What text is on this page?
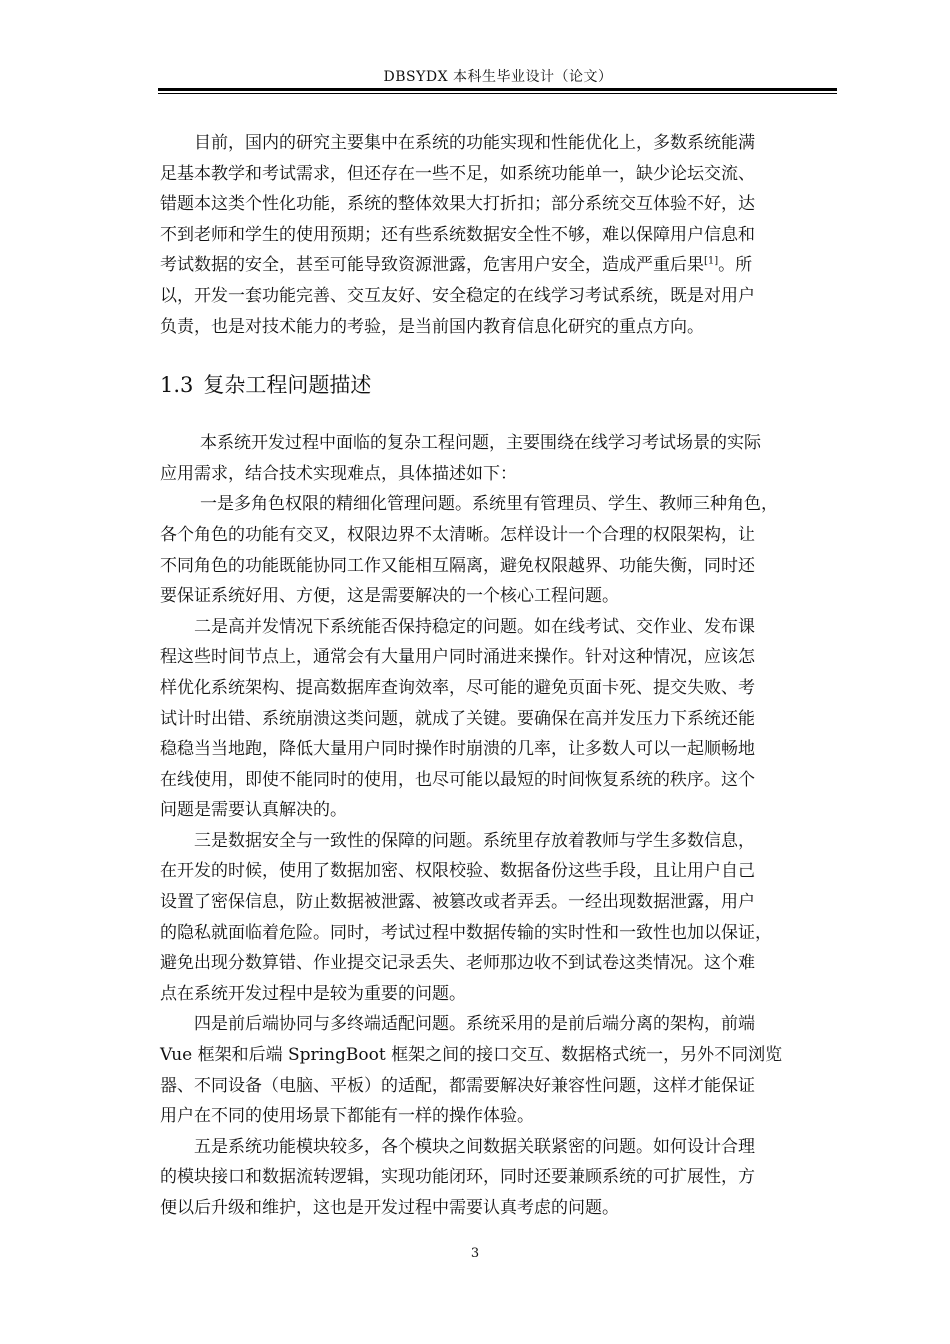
DBSYDX 本科生毕业设计（论文）

目前，国内的研究主要集中在系统的功能实现和性能优化上，多数系统能满
足基本教学和考试需求，但还存在一些不足，如系统功能单一，缺少论坛交流、
错题本这类个性化功能，系统的整体效果大打折扣；部分系统交互体验不好，达
不到老师和学生的使用预期；还有些系统数据安全性不够，难以保障用户信息和
考试数据的安全，甚至可能导致资源泄露，危害用户安全，造成严重后果[1]。所
以，开发一套功能完善、交互友好、安全稳定的在线学习考试系统，既是对用户
负责，也是对技术能力的考验，是当前国内教育信息化研究的重点方向。

1.3 复杂工程问题描述

本系统开发过程中面临的复杂工程问题，主要围绕在线学习考试场景的实际
应用需求，结合技术实现难点，具体描述如下：

一是多角色权限的精细化管理问题。系统里有管理员、学生、教师三种角色，
各个角色的功能有交叉，权限边界不太清晰。怎样设计一个合理的权限架构，让
不同角色的功能既能协同工作又能相互隔离，避免权限越界、功能失衡，同时还
要保证系统好用、方便，这是需要解决的一个核心工程问题。

二是高并发情况下系统能否保持稳定的问题。如在线考试、交作业、发布课
程这些时间节点上，通常会有大量用户同时涌进来操作。针对这种情况，应该怎
样优化系统架构、提高数据库查询效率，尽可能的避免页面卡死、提交失败、考
试计时出错、系统崩溃这类问题，就成了关键。要确保在高并发压力下系统还能
稳稳当当地跑，降低大量用户同时操作时崩溃的几率，让多数人可以一起顺畅地
在线使用，即使不能同时的使用，也尽可能以最短的时间恢复系统的秩序。这个
问题是需要认真解决的。

三是数据安全与一致性的保障的问题。系统里存放着教师与学生多数信息，
在开发的时候，使用了数据加密、权限校验、数据备份这些手段，且让用户自己
设置了密保信息，防止数据被泄露、被篡改或者弄丢。一经出现数据泄露，用户
的隐私就面临着危险。同时，考试过程中数据传输的实时性和一致性也加以保证，
避免出现分数算错、作业提交记录丢失、老师那边收不到试卷这类情况。这个难
点在系统开发过程中是较为重要的问题。

四是前后端协同与多终端适配问题。系统采用的是前后端分离的架构，前端
Vue 框架和后端 SpringBoot 框架之间的接口交互、数据格式统一，另外不同浏览
器、不同设备（电脑、平板）的适配，都需要解决好兼容性问题，这样才能保证
用户在不同的使用场景下都能有一样的操作体验。

五是系统功能模块较多，各个模块之间数据关联紧密的问题。如何设计合理
的模块接口和数据流转逻辑，实现功能闭环，同时还要兼顾系统的可扩展性，方
便以后升级和维护，这也是开发过程中需要认真考虑的问题。

3
